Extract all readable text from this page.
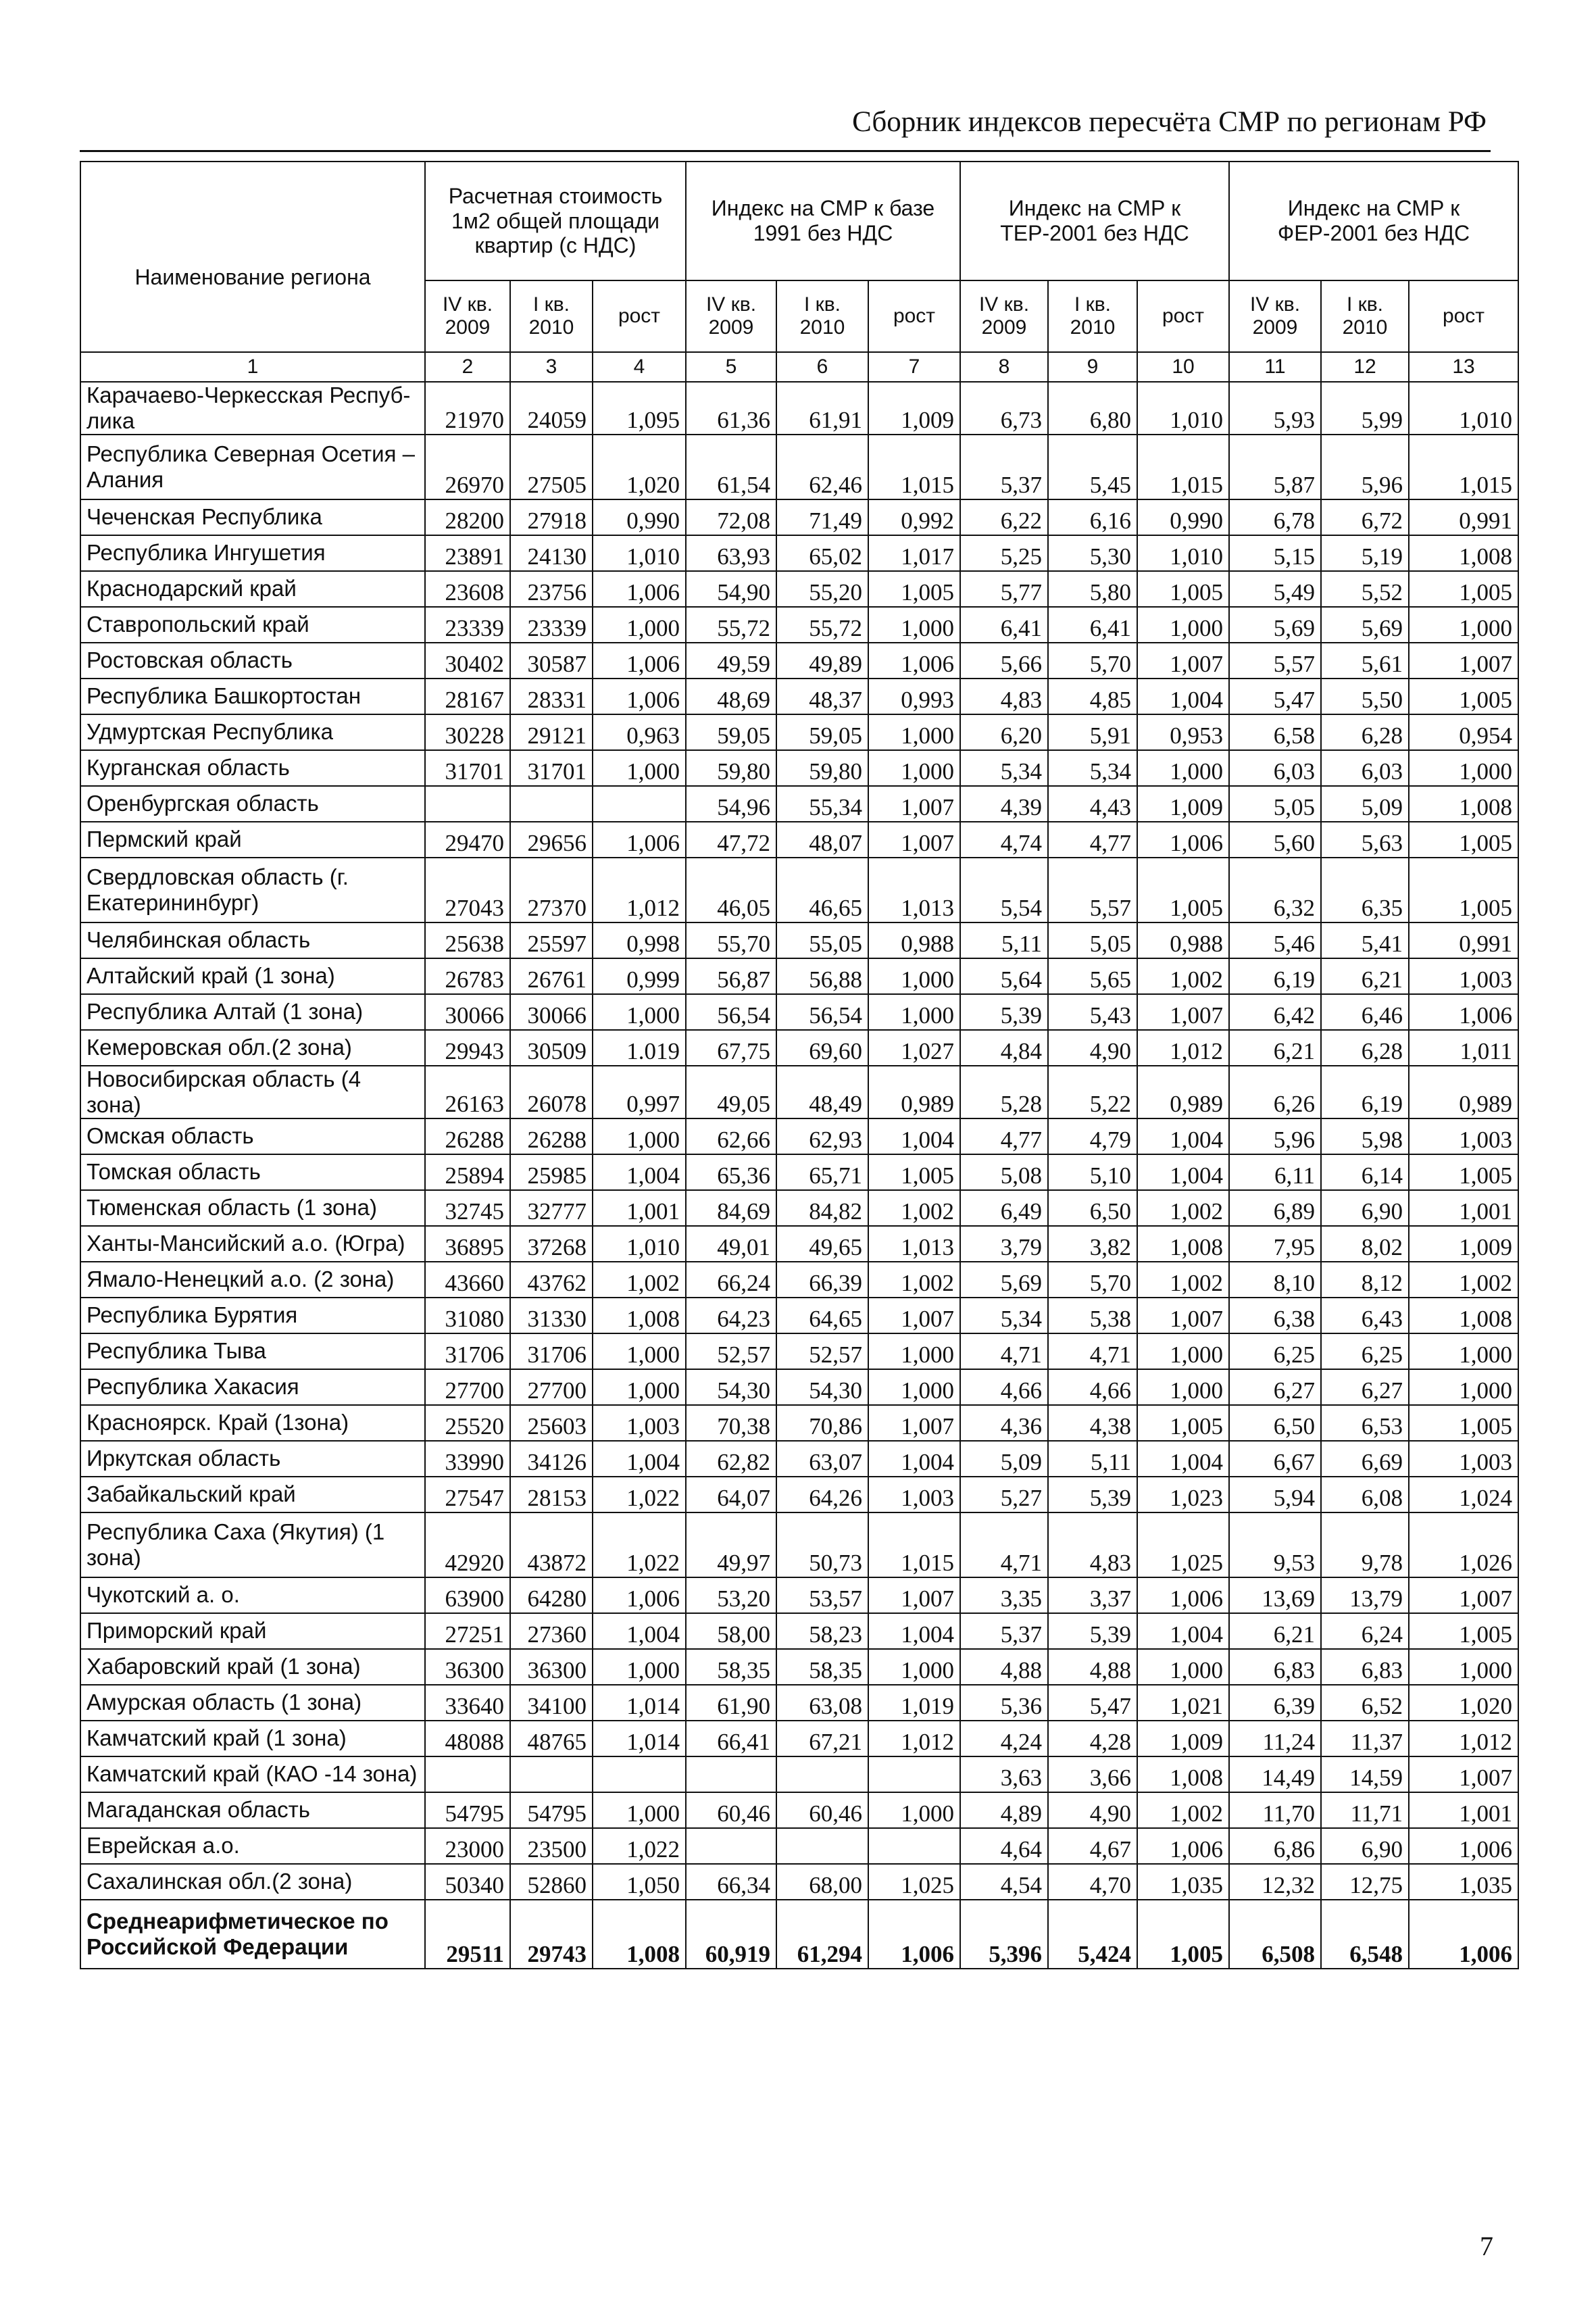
Сборник индексов пересчёта СМР по регионам РФ
Наименование региона	Расчетная стоимость 1м2 общей площади квартир (с НДС)			Индекс на СМР к базе 1991 без НДС			Индекс на СМР к ТЕР-2001 без НДС			Индекс на СМР к ФЕР-2001 без НДС		
	IV кв. 2009	I кв. 2010	рост	IV кв. 2009	I кв. 2010	рост	IV кв. 2009	I кв. 2010	рост	IV кв. 2009	I кв. 2010	рост
1	2	3	4	5	6	7	8	9	10	11	12	13
Карачаево-Черкесская Респуб-лика	21970	24059	1,095	61,36	61,91	1,009	6,73	6,80	1,010	5,93	5,99	1,010
Республика Северная Осетия – Алания	26970	27505	1,020	61,54	62,46	1,015	5,37	5,45	1,015	5,87	5,96	1,015
Чеченская Республика	28200	27918	0,990	72,08	71,49	0,992	6,22	6,16	0,990	6,78	6,72	0,991
Республика Ингушетия	23891	24130	1,010	63,93	65,02	1,017	5,25	5,30	1,010	5,15	5,19	1,008
Краснодарский край	23608	23756	1,006	54,90	55,20	1,005	5,77	5,80	1,005	5,49	5,52	1,005
Ставропольский край	23339	23339	1,000	55,72	55,72	1,000	6,41	6,41	1,000	5,69	5,69	1,000
Ростовская область	30402	30587	1,006	49,59	49,89	1,006	5,66	5,70	1,007	5,57	5,61	1,007
Республика Башкортостан	28167	28331	1,006	48,69	48,37	0,993	4,83	4,85	1,004	5,47	5,50	1,005
Удмуртская Республика	30228	29121	0,963	59,05	59,05	1,000	6,20	5,91	0,953	6,58	6,28	0,954
Курганская область	31701	31701	1,000	59,80	59,80	1,000	5,34	5,34	1,000	6,03	6,03	1,000
Оренбургская область				54,96	55,34	1,007	4,39	4,43	1,009	5,05	5,09	1,008
Пермский край	29470	29656	1,006	47,72	48,07	1,007	4,74	4,77	1,006	5,60	5,63	1,005
Свердловская область (г. Екатерининбург)	27043	27370	1,012	46,05	46,65	1,013	5,54	5,57	1,005	6,32	6,35	1,005
Челябинская область	25638	25597	0,998	55,70	55,05	0,988	5,11	5,05	0,988	5,46	5,41	0,991
Алтайский край (1 зона)	26783	26761	0,999	56,87	56,88	1,000	5,64	5,65	1,002	6,19	6,21	1,003
Республика Алтай (1 зона)	30066	30066	1,000	56,54	56,54	1,000	5,39	5,43	1,007	6,42	6,46	1,006
Кемеровская обл.(2 зона)	29943	30509	1.019	67,75	69,60	1,027	4,84	4,90	1,012	6,21	6,28	1,011
Новосибирская область (4 зона)	26163	26078	0,997	49,05	48,49	0,989	5,28	5,22	0,989	6,26	6,19	0,989
Омская область	26288	26288	1,000	62,66	62,93	1,004	4,77	4,79	1,004	5,96	5,98	1,003
Томская область	25894	25985	1,004	65,36	65,71	1,005	5,08	5,10	1,004	6,11	6,14	1,005
Тюменская область (1 зона)	32745	32777	1,001	84,69	84,82	1,002	6,49	6,50	1,002	6,89	6,90	1,001
Ханты-Мансийский а.о. (Югра)	36895	37268	1,010	49,01	49,65	1,013	3,79	3,82	1,008	7,95	8,02	1,009
Ямало-Ненецкий а.о. (2 зона)	43660	43762	1,002	66,24	66,39	1,002	5,69	5,70	1,002	8,10	8,12	1,002
Республика Бурятия	31080	31330	1,008	64,23	64,65	1,007	5,34	5,38	1,007	6,38	6,43	1,008
Республика Тыва	31706	31706	1,000	52,57	52,57	1,000	4,71	4,71	1,000	6,25	6,25	1,000
Республика Хакасия	27700	27700	1,000	54,30	54,30	1,000	4,66	4,66	1,000	6,27	6,27	1,000
Красноярск. Край (1зона)	25520	25603	1,003	70,38	70,86	1,007	4,36	4,38	1,005	6,50	6,53	1,005
Иркутская область	33990	34126	1,004	62,82	63,07	1,004	5,09	5,11	1,004	6,67	6,69	1,003
Забайкальский край	27547	28153	1,022	64,07	64,26	1,003	5,27	5,39	1,023	5,94	6,08	1,024
Республика Саха (Якутия) (1 зона)	42920	43872	1,022	49,97	50,73	1,015	4,71	4,83	1,025	9,53	9,78	1,026
Чукотский а. о.	63900	64280	1,006	53,20	53,57	1,007	3,35	3,37	1,006	13,69	13,79	1,007
Приморский край	27251	27360	1,004	58,00	58,23	1,004	5,37	5,39	1,004	6,21	6,24	1,005
Хабаровский край (1 зона)	36300	36300	1,000	58,35	58,35	1,000	4,88	4,88	1,000	6,83	6,83	1,000
Амурская область (1 зона)	33640	34100	1,014	61,90	63,08	1,019	5,36	5,47	1,021	6,39	6,52	1,020
Камчатский край (1 зона)	48088	48765	1,014	66,41	67,21	1,012	4,24	4,28	1,009	11,24	11,37	1,012
Камчатский край (КАО -14 зона)							3,63	3,66	1,008	14,49	14,59	1,007
Магаданская область	54795	54795	1,000	60,46	60,46	1,000	4,89	4,90	1,002	11,70	11,71	1,001
Еврейская а.о.	23000	23500	1,022				4,64	4,67	1,006	6,86	6,90	1,006
Сахалинская обл.(2 зона)	50340	52860	1,050	66,34	68,00	1,025	4,54	4,70	1,035	12,32	12,75	1,035
Среднеарифметическое по Российской Федерации	29511	29743	1,008	60,919	61,294	1,006	5,396	5,424	1,005	6,508	6,548	1,006
7
